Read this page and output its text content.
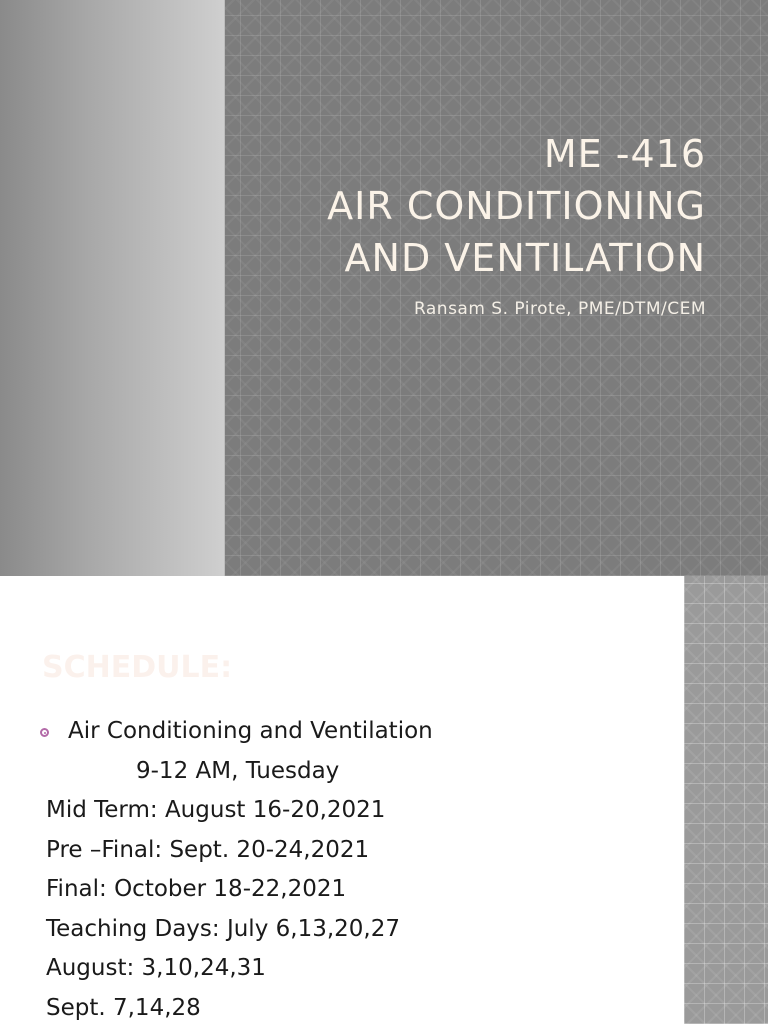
ME -416
AIR CONDITIONING
AND VENTILATION
Ransam S. Pirote, PME/DTM/CEM
SCHEDULE:
Air Conditioning and Ventilation
9-12 AM, Tuesday
Mid Term: August 16-20,2021
Pre –Final: Sept. 20-24,2021
Final: October 18-22,2021
Teaching Days: July 6,13,20,27
August: 3,10,24,31
Sept. 7,14,28
